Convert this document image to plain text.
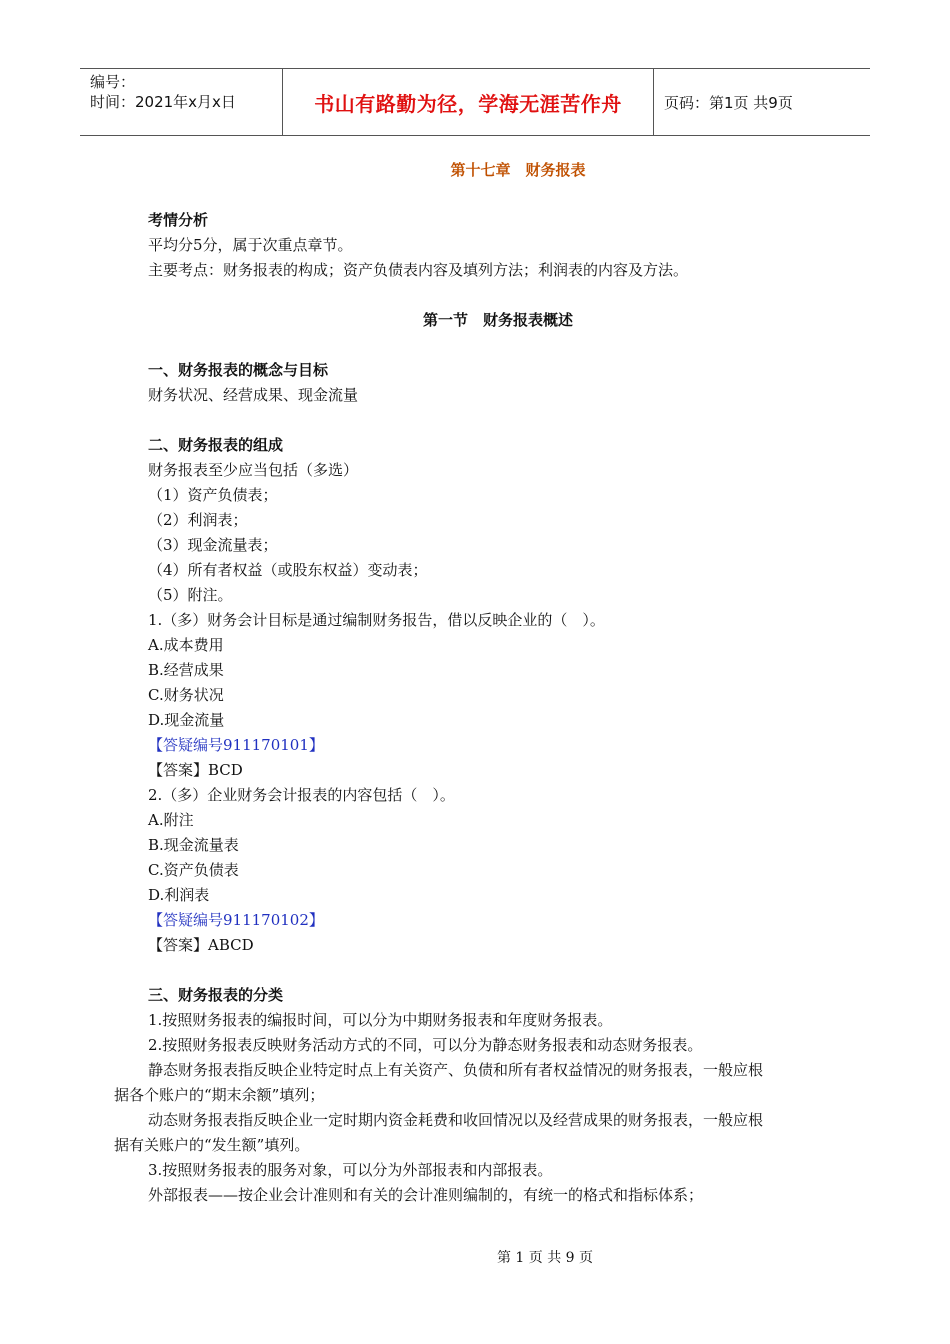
编号：
时间：2021年x月x日	书山有路勤为径，学海无涯苦作舟	页码：第1页 共9页
第十七章　财务报表
考情分析
平均分5分，属于次重点章节。
主要考点：财务报表的构成；资产负债表内容及填列方法；利润表的内容及方法。
第一节　财务报表概述
一、财务报表的概念与目标
财务状况、经营成果、现金流量
二、财务报表的组成
财务报表至少应当包括（多选）
（1）资产负债表；
（2）利润表；
（3）现金流量表；
（4）所有者权益（或股东权益）变动表；
（5）附注。
1.（多）财务会计目标是通过编制财务报告，借以反映企业的（　）。
A.成本费用
B.经营成果
C.财务状况
D.现金流量
【答疑编号911170101】
【答案】BCD
2.（多）企业财务会计报表的内容包括（　）。
A.附注
B.现金流量表
C.资产负债表
D.利润表
【答疑编号911170102】
【答案】ABCD
三、财务报表的分类
1.按照财务报表的编报时间，可以分为中期财务报表和年度财务报表。
2.按照财务报表反映财务活动方式的不同，可以分为静态财务报表和动态财务报表。
静态财务报表指反映企业特定时点上有关资产、负债和所有者权益情况的财务报表，一般应根
据各个账户的“期末余额”填列；
动态财务报表指反映企业一定时期内资金耗费和收回情况以及经营成果的财务报表，一般应根
据有关账户的“发生额”填列。
3.按照财务报表的服务对象，可以分为外部报表和内部报表。
外部报表——按企业会计准则和有关的会计准则编制的，有统一的格式和指标体系；
第 1 页 共 9 页
